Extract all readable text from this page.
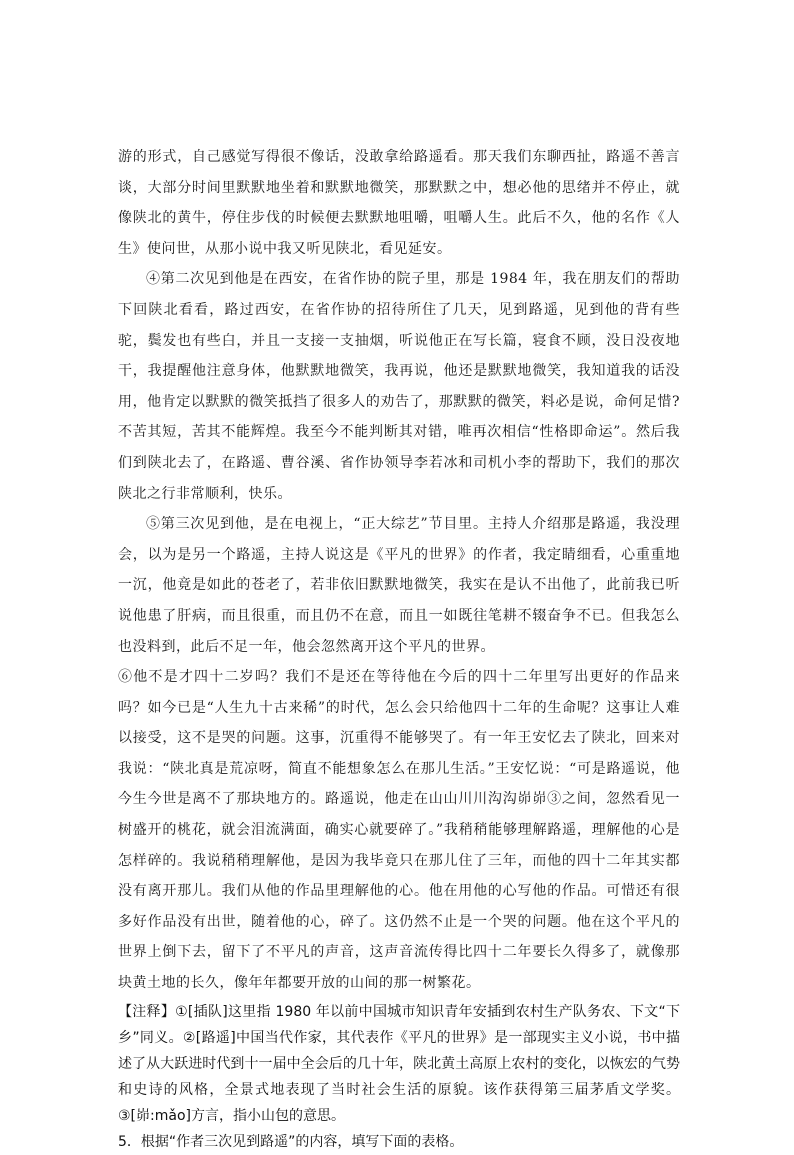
游的形式，自己感觉写得很不像话，没敢拿给路遥看。那天我们东聊西扯，路遥不善言谈，大部分时间里默默地坐着和默默地微笑，那默默之中，想必他的思绪并不停止，就像陕北的黄牛，停住步伐的时候便去默默地咀嚼，咀嚼人生。此后不久，他的名作《人生》使问世，从那小说中我又听见陕北，看见延安。

④第二次见到他是在西安，在省作协的院子里，那是 1984 年，我在朋友们的帮助下回陕北看看，路过西安，在省作协的招待所住了几天，见到路遥，见到他的背有些驼，鬓发也有些白，并且一支接一支抽烟，听说他正在写长篇，寝食不顾，没日没夜地干，我提醒他注意身体，他默默地微笑，我再说，他还是默默地微笑，我知道我的话没用，他肯定以默默的微笑抵挡了很多人的劝告了，那默默的微笑，料必是说，命何足惜?不苦其短，苦其不能辉煌。我至今不能判断其对错，唯再次相信“性格即命运”。然后我们到陕北去了，在路遥、曹谷溪、省作协领导李若冰和司机小李的帮助下，我们的那次陕北之行非常顺利，快乐。

⑤第三次见到他，是在电视上，“正大综艺”节目里。主持人介绍那是路遥，我没理会，以为是另一个路遥，主持人说这是《平凡的世界》的作者，我定睛细看，心重重地一沉，他竟是如此的苍老了，若非依旧默默地微笑，我实在是认不出他了，此前我已听说他患了肝病，而且很重，而且仍不在意，而且一如既往笔耕不辍奋争不已。但我怎么也没料到，此后不足一年，他会忽然离开这个平凡的世界。

⑥他不是才四十二岁吗？我们不是还在等待他在今后的四十二年里写出更好的作品来吗？如今已是“人生九十古来稀”的时代，怎么会只给他四十二年的生命呢？这事让人难以接受，这不是哭的问题。这事，沉重得不能够哭了。有一年王安忆去了陕北，回来对我说：“陕北真是荒凉呀，简直不能想象怎么在那儿生活。”王安忆说：“可是路遥说，他今生今世是离不了那块地方的。路遥说，他走在山山川川沟沟峁峁③之间，忽然看见一树盛开的桃花，就会泪流满面，确实心就要碎了。”我稍稍能够理解路遥，理解他的心是怎样碎的。我说稍稍理解他，是因为我毕竟只在那儿住了三年，而他的四十二年其实都没有离开那儿。我们从他的作品里理解他的心。他在用他的心写他的作品。可惜还有很多好作品没有出世，随着他的心，碎了。这仍然不止是一个哭的问题。他在这个平凡的世界上倒下去，留下了不平凡的声音，这声音流传得比四十二年要长久得多了，就像那块黄土地的长久，像年年都要开放的山间的那一树繁花。

【注释】①[插队]这里指 1980 年以前中国城市知识青年安插到农村生产队务农、下文“下乡”同义。②[路遥]中国当代作家，其代表作《平凡的世界》是一部现实主义小说，书中描述了从大跃进时代到十一届中全会后的几十年，陕北黄土高原上农村的变化，以恢宏的气势和史诗的风格，全景式地表现了当时社会生活的原貌。该作获得第三届茅盾文学奖。③[峁:mǎo]方言，指小山包的意思。

5．根据“作者三次见到路遥”的内容，填写下面的表格。
